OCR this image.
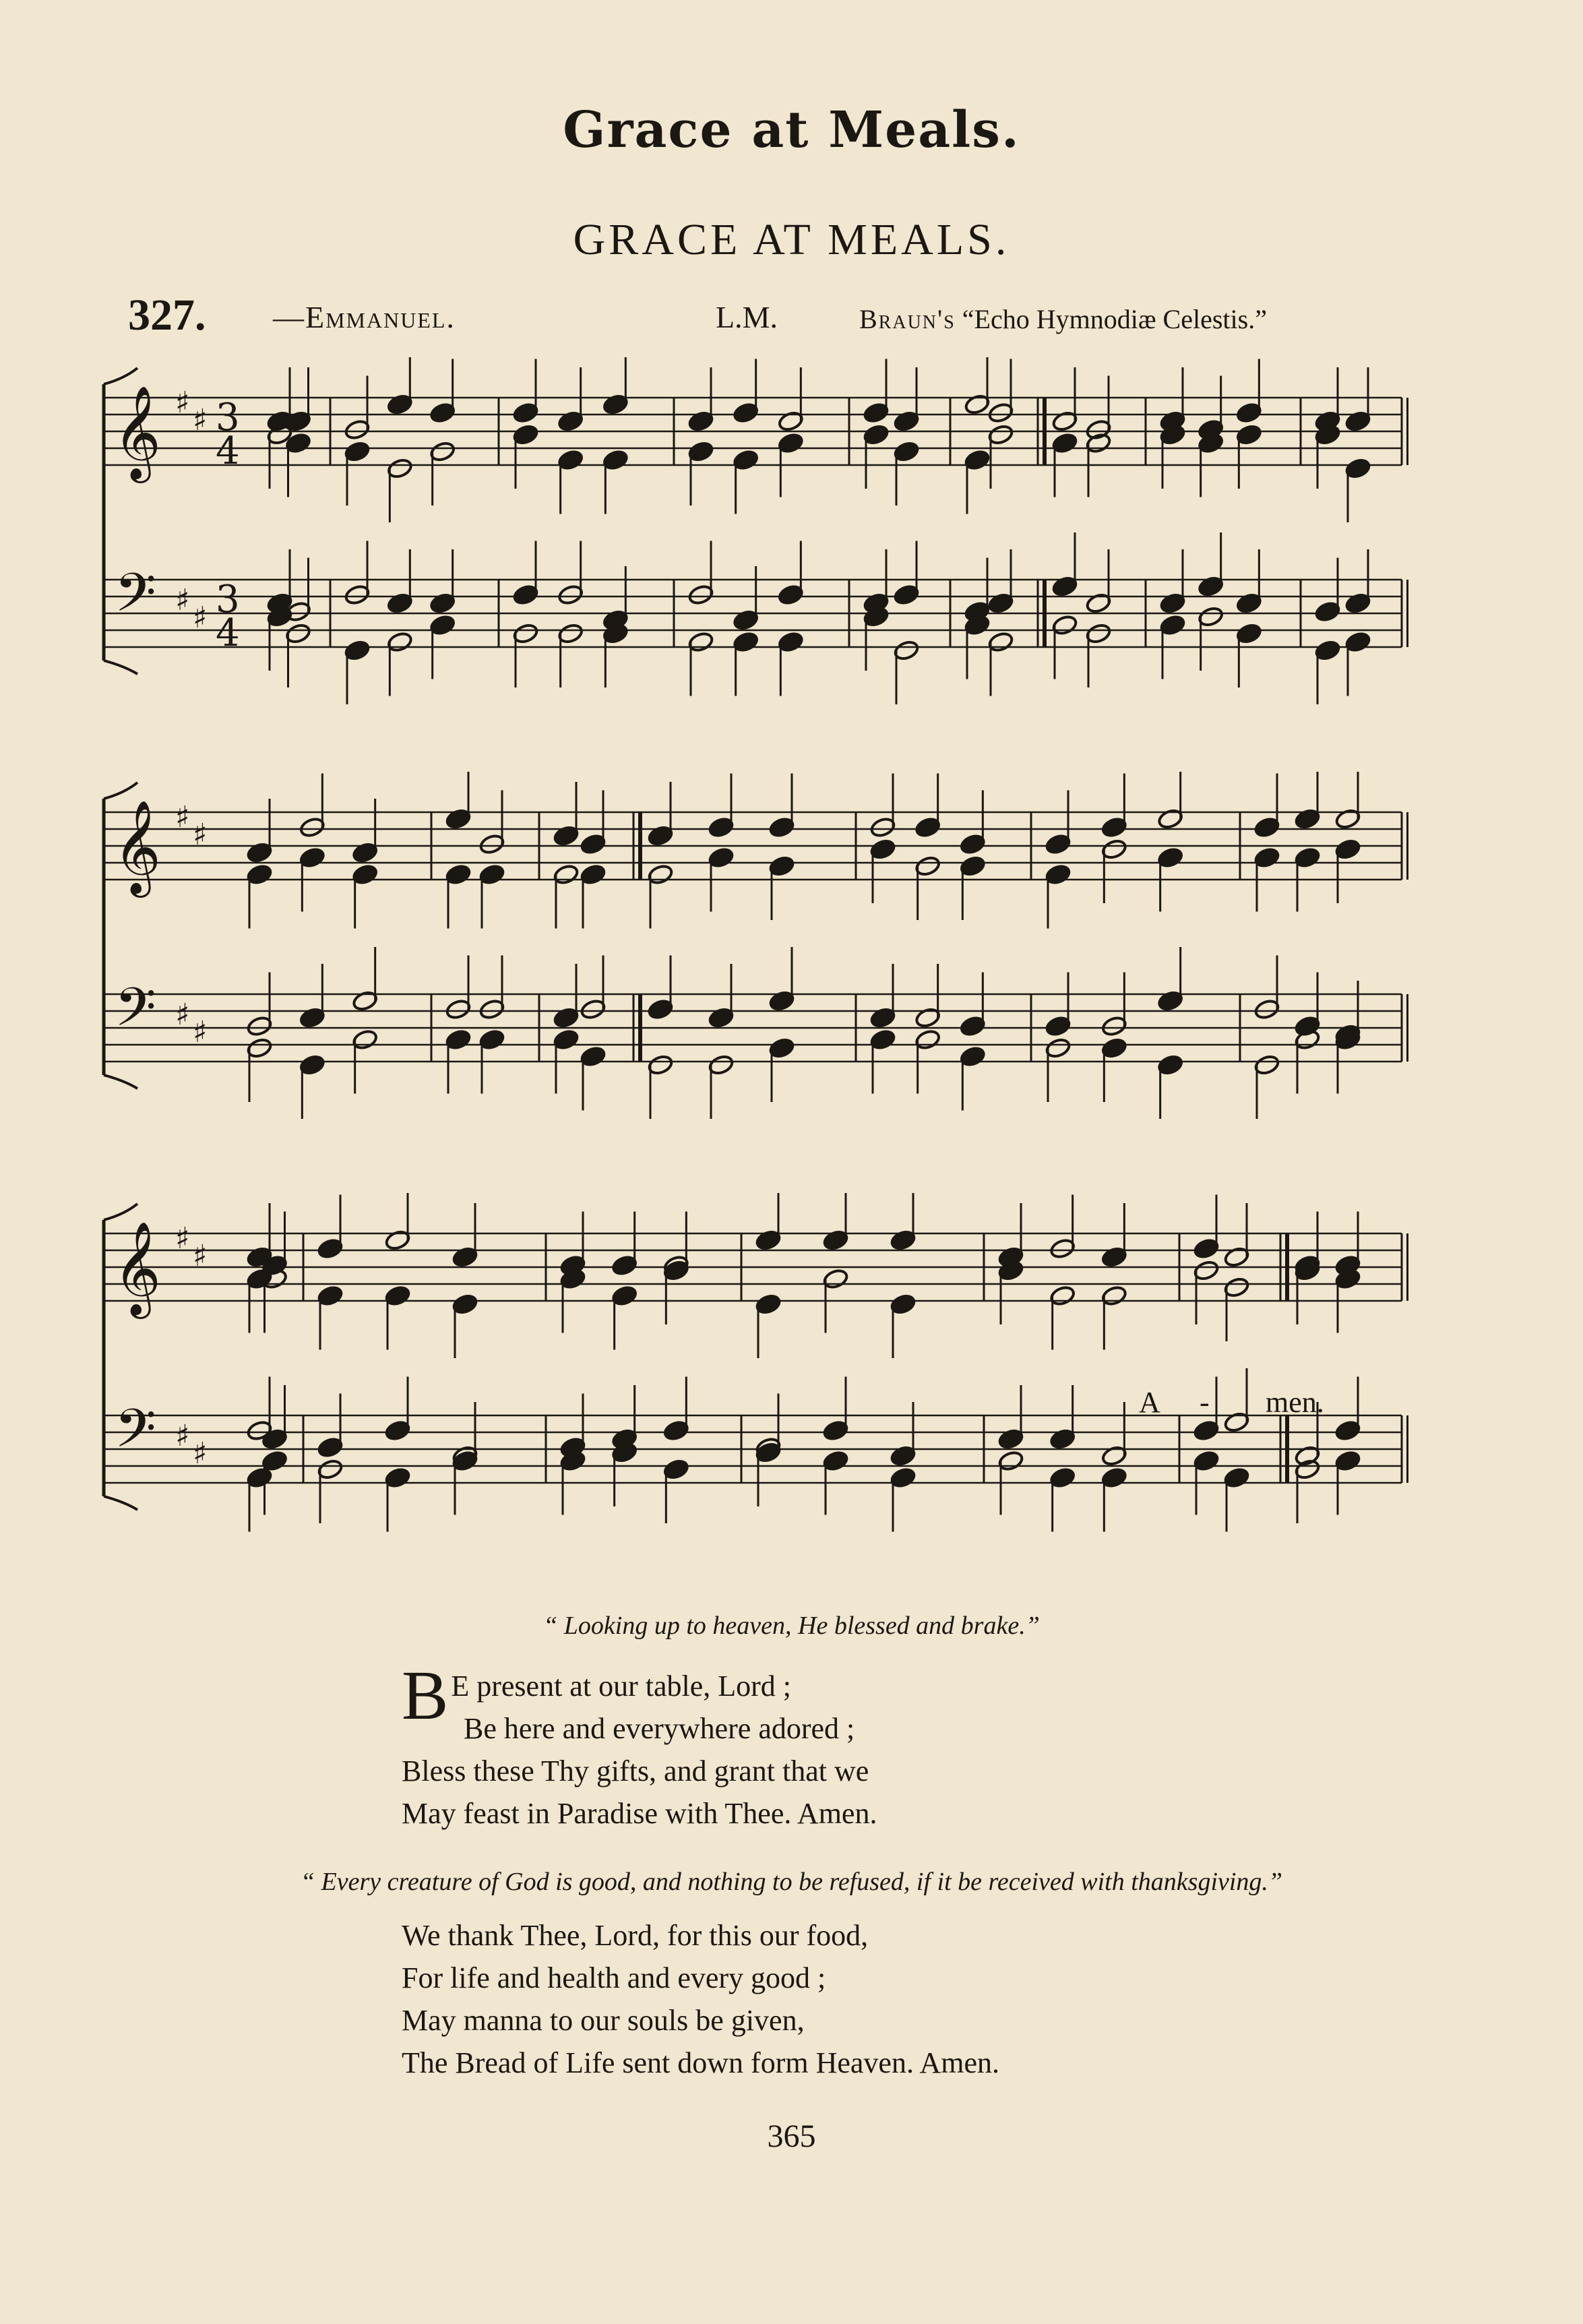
Grace at Meals.
GRACE AT MEALS.
327. —Emmanuel.	L.M.	Braun's “Echo Hymnodiæ Celestis.”
𝄞
𝄢
♯
♯
♯
♯
3
4
3
4
𝄞
𝄢
♯
♯
♯
♯
𝄞
𝄢
♯
♯
♯
♯
A - men.
“ Looking up to heaven, He blessed and brake.”
B E present at our table, Lord ;
Be here and everywhere adored ;
Bless these Thy gifts, and grant that we
May feast in Paradise with Thee. Amen.
“ Every creature of God is good, and nothing to be refused, if it be received with thanksgiving.”
We thank Thee, Lord, for this our food,
For life and health and every good ;
May manna to our souls be given,
The Bread of Life sent down form Heaven. Amen.
365
